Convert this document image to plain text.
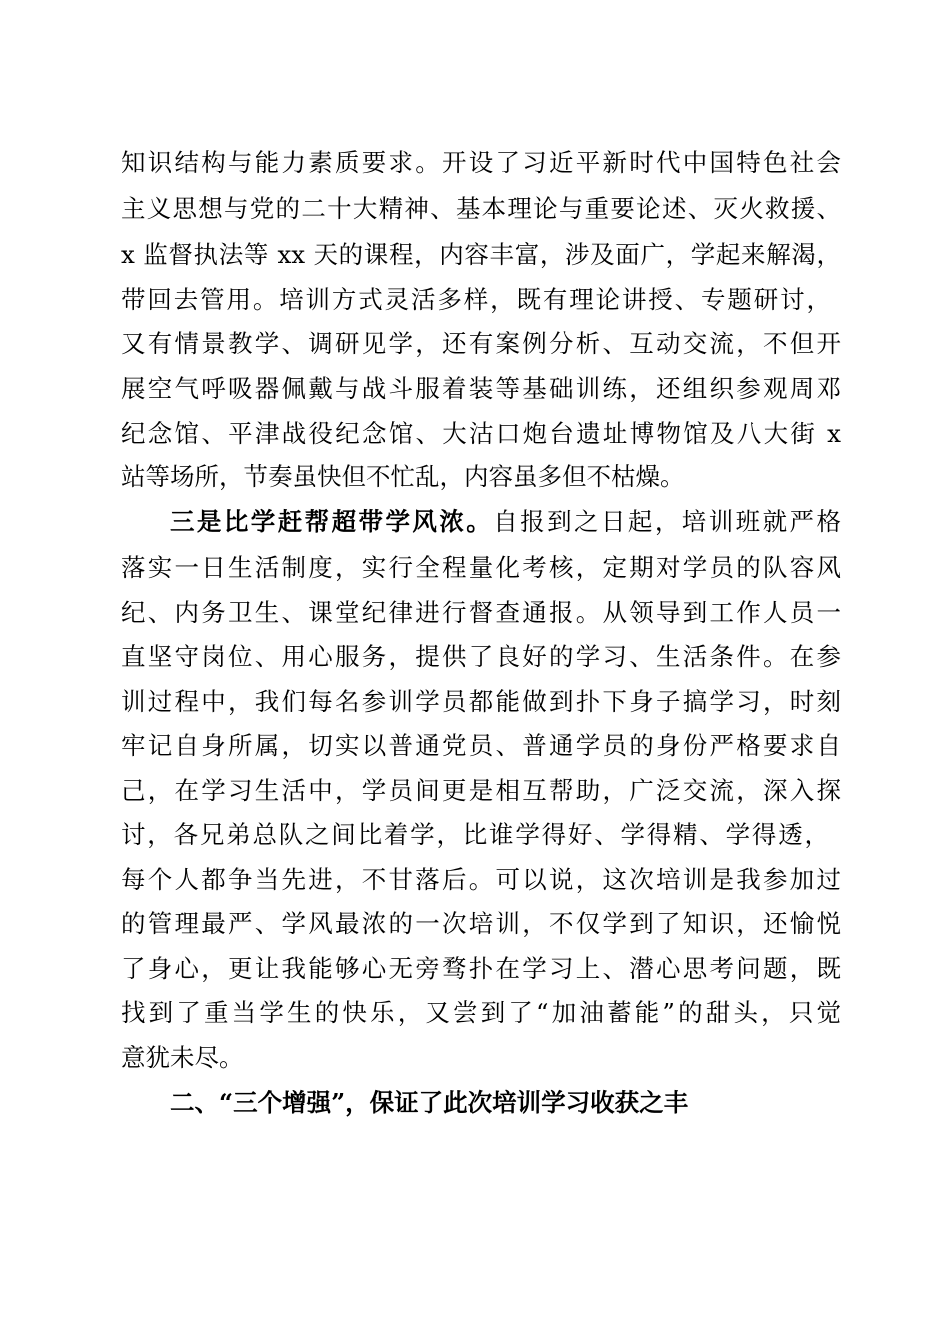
知识结构与能力素质要求。开设了习近平新时代中国特色社会
主义思想与党的二十大精神、基本理论与重要论述、灭火救援、
x 监督执法等 xx 天的课程，内容丰富，涉及面广，学起来解渴，
带回去管用。培训方式灵活多样，既有理论讲授、专题研讨，
又有情景教学、调研见学，还有案例分析、互动交流，不但开
展空气呼吸器佩戴与战斗服着装等基础训练，还组织参观周邓
纪念馆、平津战役纪念馆、大沽口炮台遗址博物馆及八大街 x
站等场所，节奏虽快但不忙乱，内容虽多但不枯燥。
三是比学赶帮超带学风浓。自报到之日起，培训班就严格
落实一日生活制度，实行全程量化考核，定期对学员的队容风
纪、内务卫生、课堂纪律进行督查通报。从领导到工作人员一
直坚守岗位、用心服务，提供了良好的学习、生活条件。在参
训过程中，我们每名参训学员都能做到扑下身子搞学习，时刻
牢记自身所属，切实以普通党员、普通学员的身份严格要求自
己，在学习生活中，学员间更是相互帮助，广泛交流，深入探
讨，各兄弟总队之间比着学，比谁学得好、学得精、学得透，
每个人都争当先进，不甘落后。可以说，这次培训是我参加过
的管理最严、学风最浓的一次培训，不仅学到了知识，还愉悦
了身心，更让我能够心无旁骛扑在学习上、潜心思考问题，既
找到了重当学生的快乐，又尝到了“加油蓄能”的甜头，只觉
意犹未尽。
二、“三个增强”，保证了此次培训学习收获之丰
